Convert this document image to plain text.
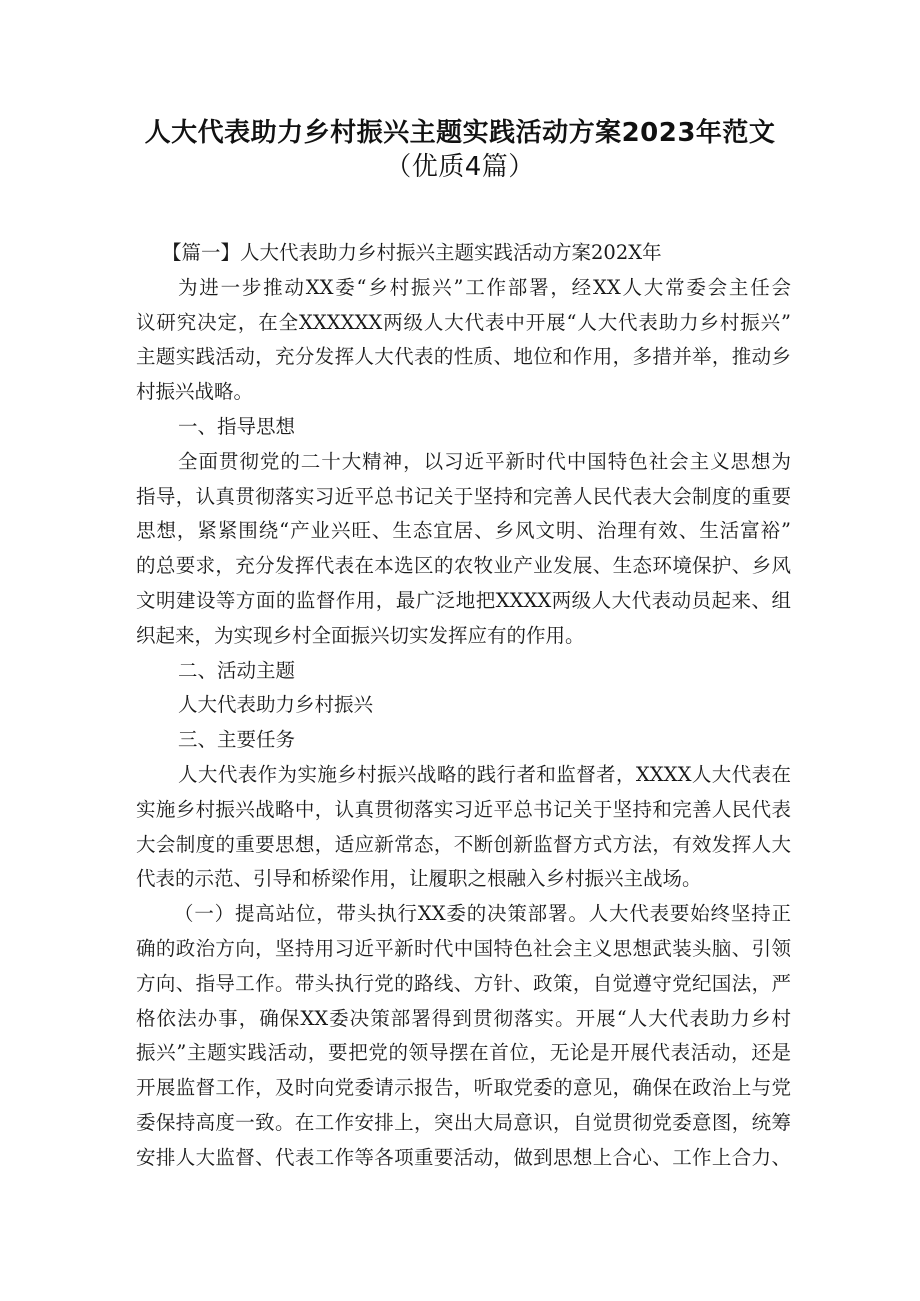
人大代表助力乡村振兴主题实践活动方案2023年范文
（优质4篇）
【篇一】人大代表助力乡村振兴主题实践活动方案202X年
为进一步推动XX委“乡村振兴”工作部署，经XX人大常委会主任会
议研究决定，在全XXXXXX两级人大代表中开展“人大代表助力乡村振兴”
主题实践活动，充分发挥人大代表的性质、地位和作用，多措并举，推动乡
村振兴战略。
一、指导思想
全面贯彻党的二十大精神，以习近平新时代中国特色社会主义思想为
指导，认真贯彻落实习近平总书记关于坚持和完善人民代表大会制度的重要
思想，紧紧围绕“产业兴旺、生态宜居、乡风文明、治理有效、生活富裕”
的总要求，充分发挥代表在本选区的农牧业产业发展、生态环境保护、乡风
文明建设等方面的监督作用，最广泛地把XXXX两级人大代表动员起来、组
织起来，为实现乡村全面振兴切实发挥应有的作用。
二、活动主题
人大代表助力乡村振兴
三、主要任务
人大代表作为实施乡村振兴战略的践行者和监督者，XXXX人大代表在
实施乡村振兴战略中，认真贯彻落实习近平总书记关于坚持和完善人民代表
大会制度的重要思想，适应新常态，不断创新监督方式方法，有效发挥人大
代表的示范、引导和桥梁作用，让履职之根融入乡村振兴主战场。
（一）提高站位，带头执行XX委的决策部署。人大代表要始终坚持正
确的政治方向，坚持用习近平新时代中国特色社会主义思想武装头脑、引领
方向、指导工作。带头执行党的路线、方针、政策，自觉遵守党纪国法，严
格依法办事，确保XX委决策部署得到贯彻落实。开展“人大代表助力乡村
振兴”主题实践活动，要把党的领导摆在首位，无论是开展代表活动，还是
开展监督工作，及时向党委请示报告，听取党委的意见，确保在政治上与党
委保持高度一致。在工作安排上，突出大局意识，自觉贯彻党委意图，统筹
安排人大监督、代表工作等各项重要活动，做到思想上合心、工作上合力、
